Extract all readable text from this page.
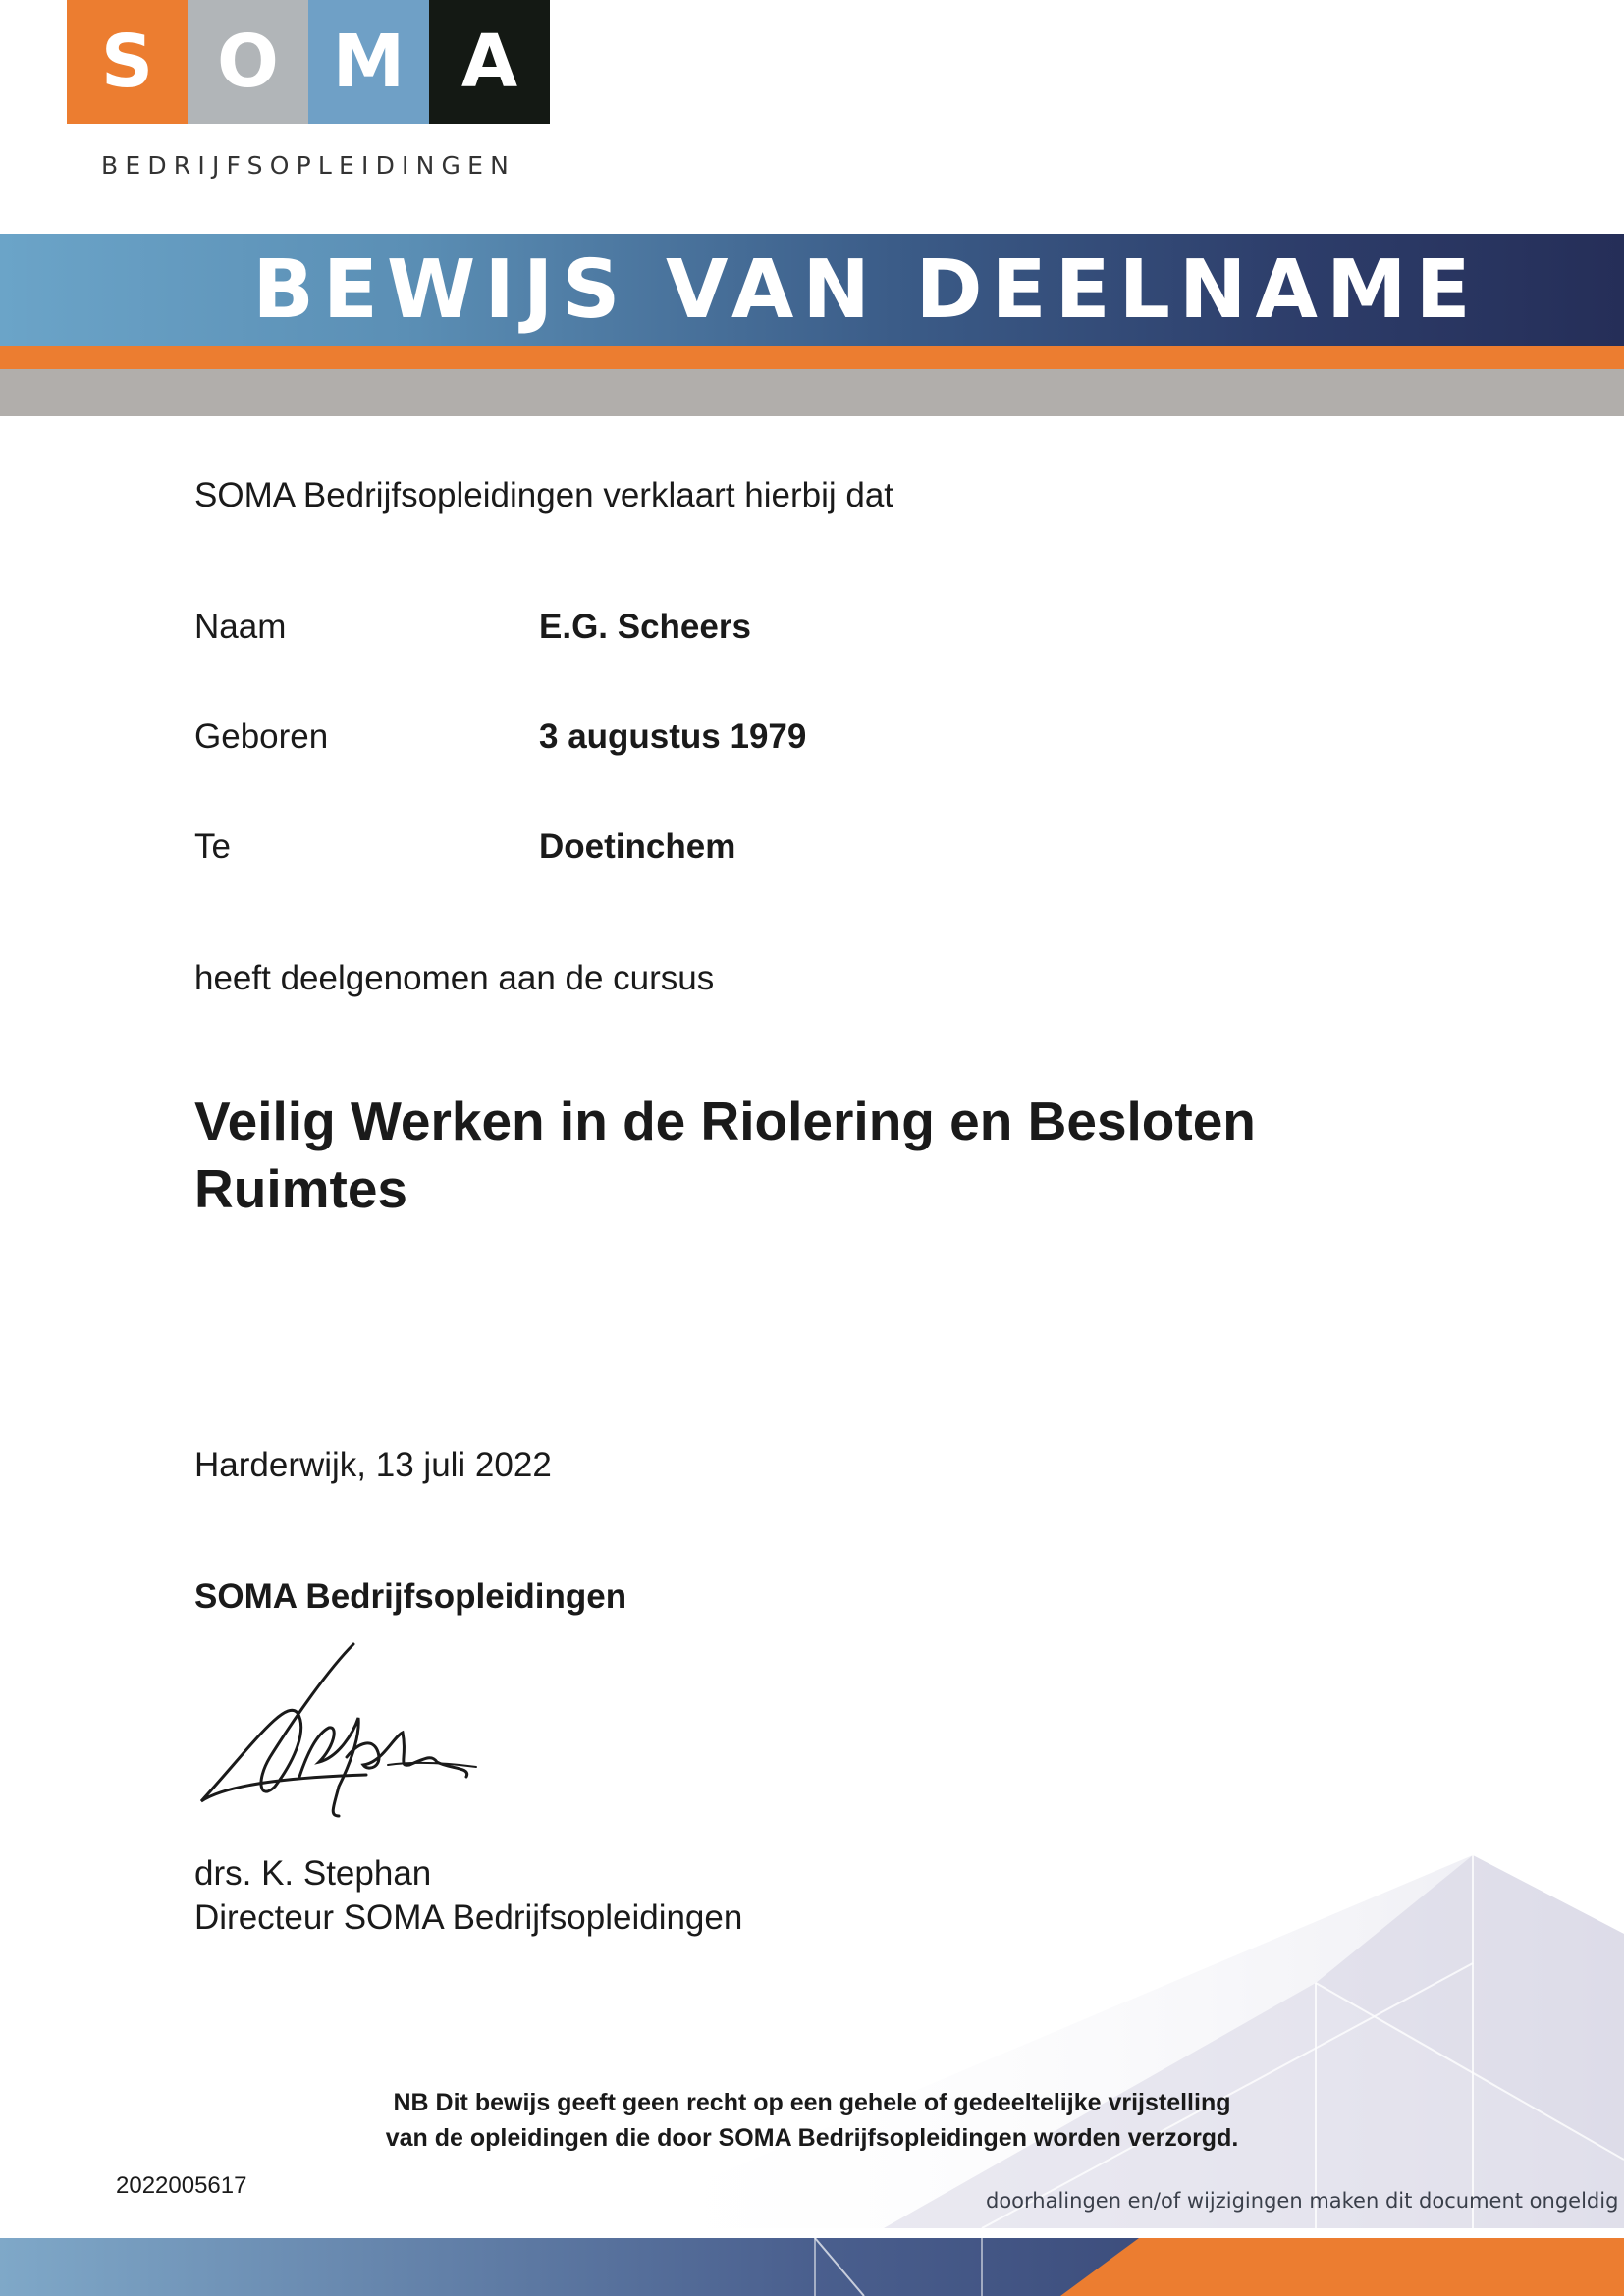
S O M A
BEDRIJFSOPLEIDINGEN
BEWIJS VAN DEELNAME
SOMA Bedrijfsopleidingen verklaart hierbij dat
Naam	E.G. Scheers
Geboren	3 augustus 1979
Te	Doetinchem
heeft deelgenomen aan de cursus
Veilig Werken in de Riolering en Besloten Ruimtes
Harderwijk, 13 juli 2022
SOMA Bedrijfsopleidingen
drs. K. Stephan
Directeur SOMA Bedrijfsopleidingen
NB Dit bewijs geeft geen recht op een gehele of gedeeltelijke vrijstelling
van de opleidingen die door SOMA Bedrijfsopleidingen worden verzorgd.
2022005617
doorhalingen en/of wijzigingen maken dit document ongeldig
